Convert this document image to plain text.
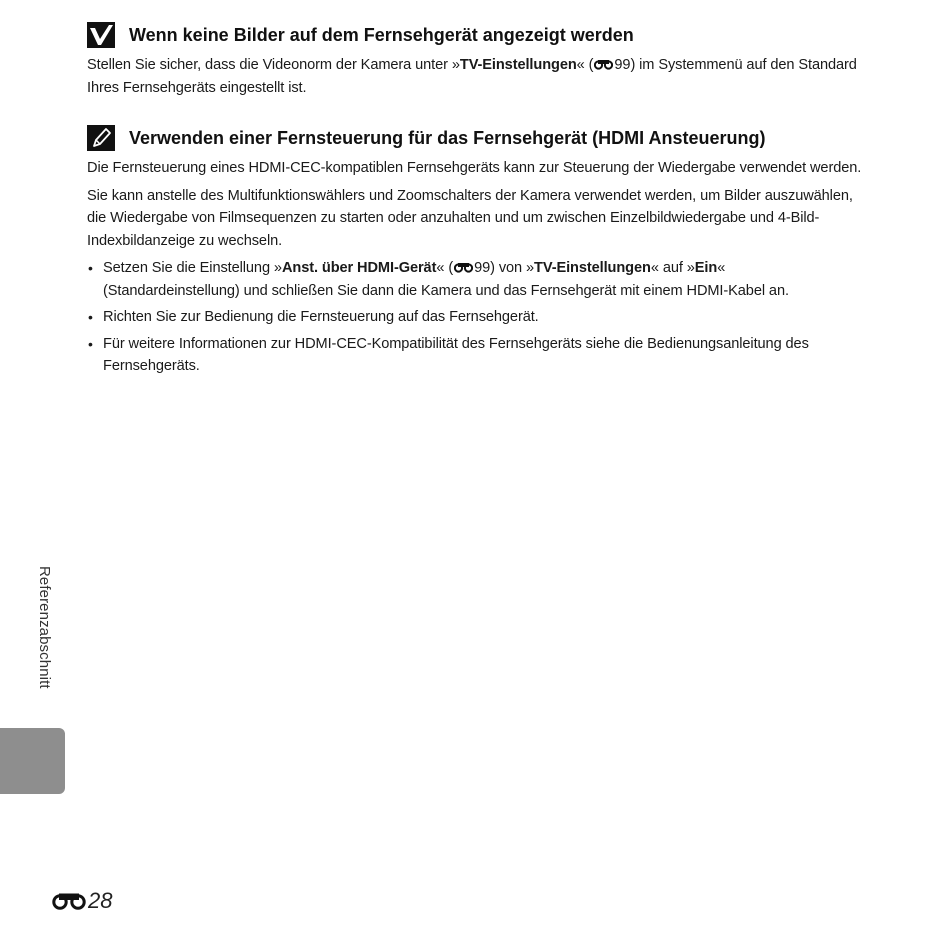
Wenn keine Bilder auf dem Fernsehgerät angezeigt werden

Stellen Sie sicher, dass die Videonorm der Kamera unter »TV-Einstellungen« ( 99) im Systemmenü auf den Standard Ihres Fernsehgeräts eingestellt ist.

Verwenden einer Fernsteuerung für das Fernsehgerät (HDMI Ansteuerung)

Die Fernsteuerung eines HDMI-CEC-kompatiblen Fernsehgeräts kann zur Steuerung der Wiedergabe verwendet werden.

Sie kann anstelle des Multifunktionswählers und Zoomschalters der Kamera verwendet werden, um Bilder auszuwählen, die Wiedergabe von Filmsequenzen zu starten oder anzuhalten und um zwischen Einzelbildwiedergabe und 4-Bild-Indexbildanzeige zu wechseln.

• Setzen Sie die Einstellung »Anst. über HDMI-Gerät« ( 99) von »TV-Einstellungen« auf »Ein« (Standardeinstellung) und schließen Sie dann die Kamera und das Fernsehgerät mit einem HDMI-Kabel an.
• Richten Sie zur Bedienung die Fernsteuerung auf das Fernsehgerät.
• Für weitere Informationen zur HDMI-CEC-Kompatibilität des Fernsehgeräts siehe die Bedienungsanleitung des Fernsehgeräts.
Referenzabschnitt
28
